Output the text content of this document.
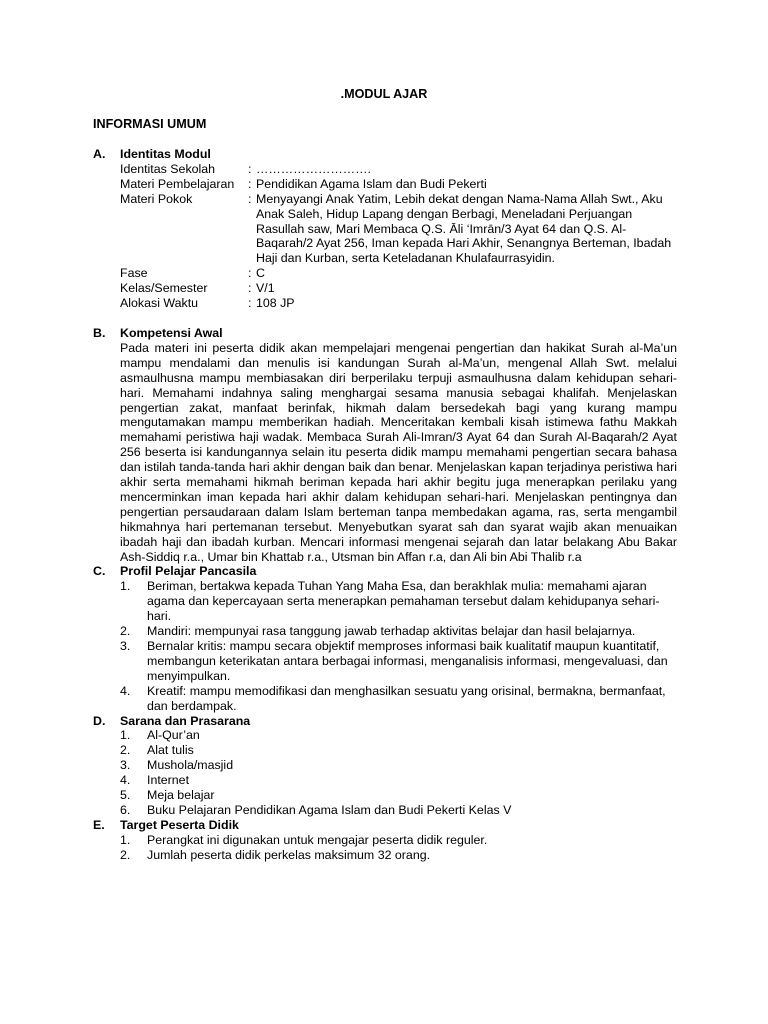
.MODUL AJAR
INFORMASI UMUM
A.	Identitas Modul
Identitas Sekolah	: ……………………….
Materi Pembelajaran	: Pendidikan Agama Islam dan Budi Pekerti
Materi Pokok	: Menyayangi Anak Yatim, Lebih dekat dengan Nama-Nama Allah Swt., Aku Anak Saleh, Hidup Lapang dengan Berbagi, Meneladani Perjuangan Rasullah saw, Mari Membaca Q.S. Āli ‘Imrān/3 Ayat 64 dan Q.S. Al-Baqarah/2 Ayat 256, Iman kepada Hari Akhir, Senangnya Berteman, Ibadah Haji dan Kurban, serta Keteladanan Khulafaurrasyidin.
Fase	: C
Kelas/Semester	: V/1
Alokasi Waktu	: 108 JP
B.	Kompetensi Awal
Pada materi ini peserta didik akan mempelajari mengenai pengertian dan hakikat Surah al-Ma’un mampu mendalami dan menulis isi kandungan Surah al-Ma’un, mengenal Allah Swt. melalui asmaulhusna mampu membiasakan diri berperilaku terpuji asmaulhusna dalam kehidupan sehari-hari. Memahami indahnya saling menghargai sesama manusia sebagai khalifah. Menjelaskan pengertian zakat, manfaat berinfak, hikmah dalam bersedekah bagi yang kurang mampu mengutamakan mampu memberikan hadiah. Menceritakan kembali kisah istimewa fathu Makkah memahami peristiwa haji wadak. Membaca Surah Ali-Imran/3 Ayat 64 dan Surah Al-Baqarah/2 Ayat 256 beserta isi kandungannya selain itu peserta didik mampu memahami pengertian secara bahasa dan istilah tanda-tanda hari akhir dengan baik dan benar. Menjelaskan kapan terjadinya peristiwa hari akhir serta memahami hikmah beriman kepada hari akhir begitu juga menerapkan perilaku yang mencerminkan iman kepada hari akhir dalam kehidupan sehari-hari. Menjelaskan pentingnya dan pengertian persaudaraan dalam Islam berteman tanpa membedakan agama, ras, serta mengambil hikmahnya hari pertemanan tersebut. Menyebutkan syarat sah dan syarat wajib akan menuaikan ibadah haji dan ibadah kurban. Mencari informasi mengenai sejarah dan latar belakang Abu Bakar Ash-Siddiq r.a., Umar bin Khattab r.a., Utsman bin Affan r.a, dan Ali bin Abi Thalib r.a
C.	Profil Pelajar Pancasila
1.	Beriman, bertakwa kepada Tuhan Yang Maha Esa, dan berakhlak mulia: memahami ajaran agama dan kepercayaan serta menerapkan pemahaman tersebut dalam kehidupanya sehari-hari.
2.	Mandiri: mempunyai rasa tanggung jawab terhadap aktivitas belajar dan hasil belajarnya.
3.	Bernalar kritis: mampu secara objektif memproses informasi baik kualitatif maupun kuantitatif, membangun keterikatan antara berbagai informasi, menganalisis informasi, mengevaluasi, dan menyimpulkan.
4.	Kreatif: mampu memodifikasi dan menghasilkan sesuatu yang orisinal, bermakna, bermanfaat, dan berdampak.
D.	Sarana dan Prasarana
1.	Al-Qur’an
2.	Alat tulis
3.	Mushola/masjid
4.	Internet
5.	Meja belajar
6.	Buku Pelajaran Pendidikan Agama Islam dan Budi Pekerti Kelas V
E.	Target Peserta Didik
1.	Perangkat ini digunakan untuk mengajar peserta didik reguler.
2.	Jumlah peserta didik perkelas maksimum 32 orang.
